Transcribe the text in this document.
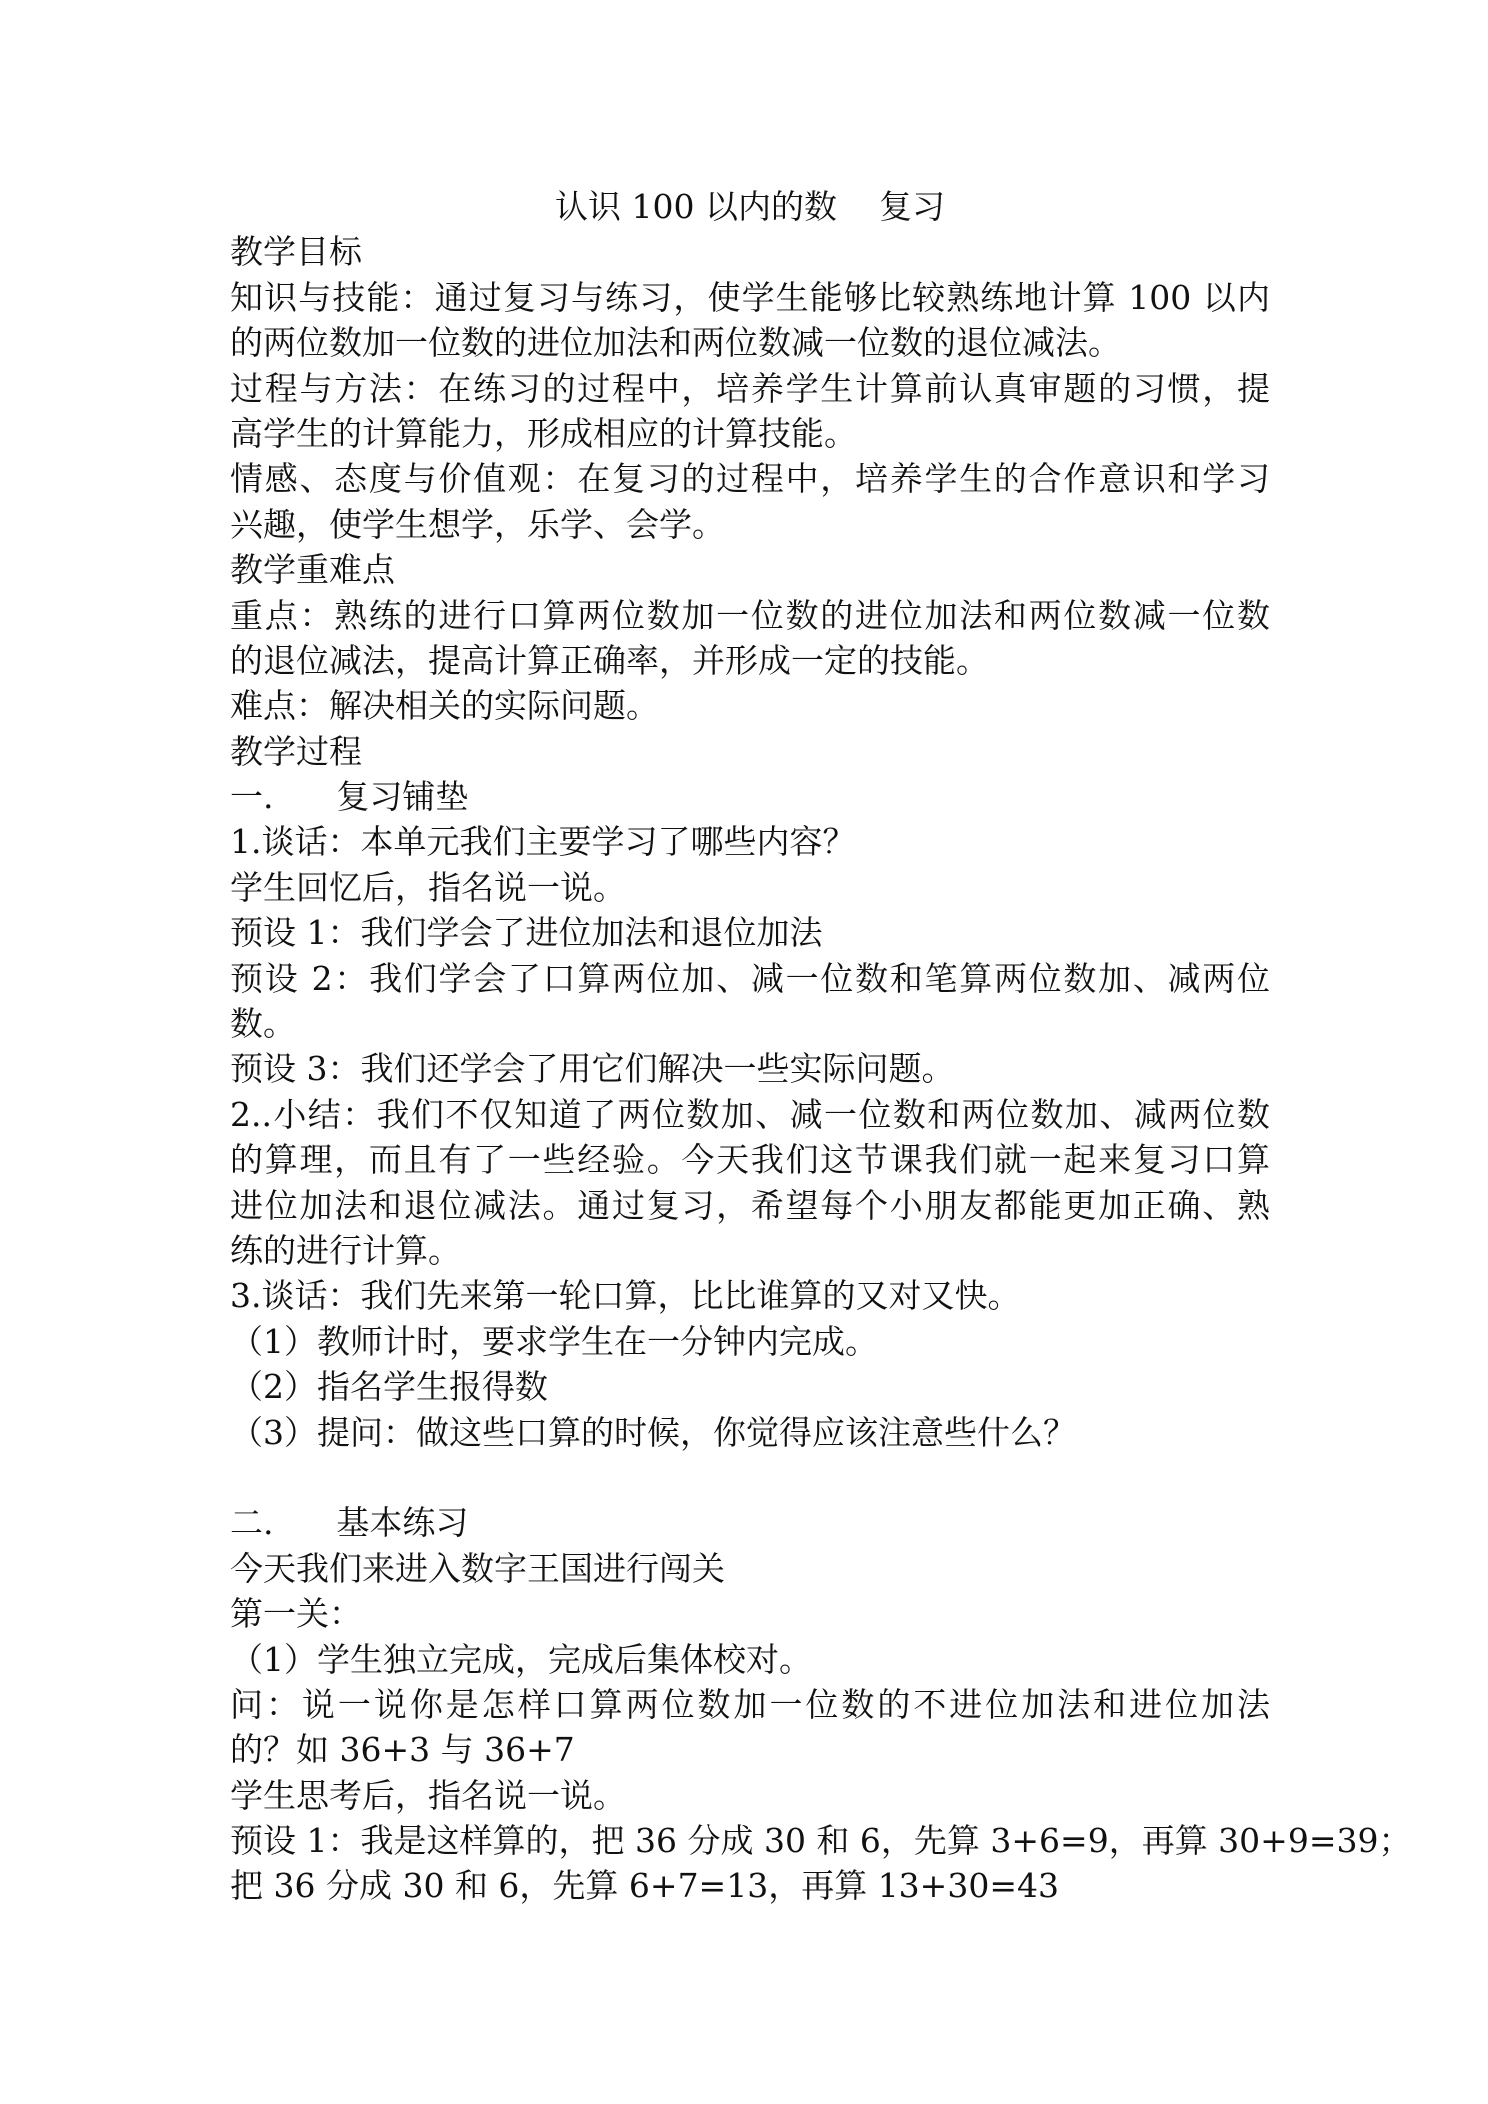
认识 100 以内的数    复习
教学目标
知识与技能：通过复习与练习，使学生能够比较熟练地计算 100 以内
的两位数加一位数的进位加法和两位数减一位数的退位减法。
过程与方法：在练习的过程中，培养学生计算前认真审题的习惯，提
高学生的计算能力，形成相应的计算技能。
情感、态度与价值观：在复习的过程中，培养学生的合作意识和学习
兴趣，使学生想学，乐学、会学。
教学重难点
重点：熟练的进行口算两位数加一位数的进位加法和两位数减一位数
的退位减法，提高计算正确率，并形成一定的技能。
难点：解决相关的实际问题。
教学过程
一.      复习铺垫
1.谈话：本单元我们主要学习了哪些内容？
学生回忆后，指名说一说。
预设 1：我们学会了进位加法和退位加法
预设 2：我们学会了口算两位加、减一位数和笔算两位数加、减两位
数。
预设 3：我们还学会了用它们解决一些实际问题。
2..小结：我们不仅知道了两位数加、减一位数和两位数加、减两位数
的算理，而且有了一些经验。今天我们这节课我们就一起来复习口算
进位加法和退位减法。通过复习，希望每个小朋友都能更加正确、熟
练的进行计算。
3.谈话：我们先来第一轮口算，比比谁算的又对又快。
（1）教师计时，要求学生在一分钟内完成。
（2）指名学生报得数
（3）提问：做这些口算的时候，你觉得应该注意些什么？
二.      基本练习
今天我们来进入数字王国进行闯关
第一关：
（1）学生独立完成，完成后集体校对。
问：说一说你是怎样口算两位数加一位数的不进位加法和进位加法
的？如 36+3 与 36+7
学生思考后，指名说一说。
预设 1：我是这样算的，把 36 分成 30 和 6，先算 3+6=9，再算 30+9=39；
把 36 分成 30 和 6，先算 6+7=13，再算 13+30=43
